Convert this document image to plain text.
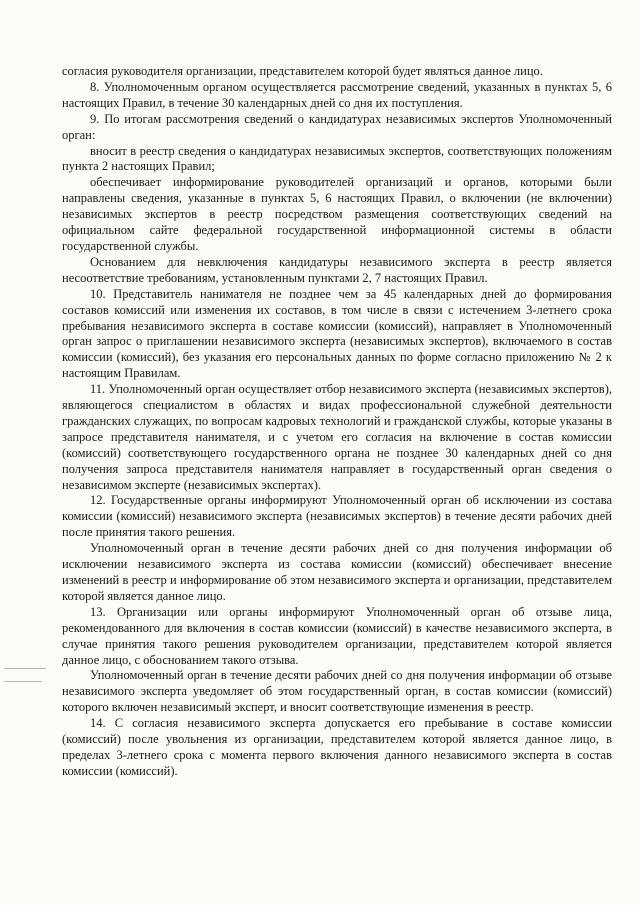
согласия руководителя организации, представителем которой будет являться данное лицо.

8. Уполномоченным органом осуществляется рассмотрение сведений, указанных в пунктах 5, 6 настоящих Правил, в течение 30 календарных дней со дня их поступления.

9. По итогам рассмотрения сведений о кандидатурах независимых экспертов Уполномоченный орган:

вносит в реестр сведения о кандидатурах независимых экспертов, соответствующих положениям пункта 2 настоящих Правил;

обеспечивает информирование руководителей организаций и органов, которыми были направлены сведения, указанные в пунктах 5, 6 настоящих Правил, о включении (не включении) независимых экспертов в реестр посредством размещения соответствующих сведений на официальном сайте федеральной государственной информационной системы в области государственной службы.

Основанием для невключения кандидатуры независимого эксперта в реестр является несоответствие требованиям, установленным пунктами 2, 7 настоящих Правил.

10. Представитель нанимателя не позднее чем за 45 календарных дней до формирования составов комиссий или изменения их составов, в том числе в связи с истечением 3-летнего срока пребывания независимого эксперта в составе комиссии (комиссий), направляет в Уполномоченный орган запрос о приглашении независимого эксперта (независимых экспертов), включаемого в состав комиссии (комиссий), без указания его персональных данных по форме согласно приложению № 2 к настоящим Правилам.

11. Уполномоченный орган осуществляет отбор независимого эксперта (независимых экспертов), являющегося специалистом в областях и видах профессиональной служебной деятельности гражданских служащих, по вопросам кадровых технологий и гражданской службы, которые указаны в запросе представителя нанимателя, и с учетом его согласия на включение в состав комиссии (комиссий) соответствующего государственного органа не позднее 30 календарных дней со дня получения запроса представителя нанимателя направляет в государственный орган сведения о независимом эксперте (независимых экспертах).

12. Государственные органы информируют Уполномоченный орган об исключении из состава комиссии (комиссий) независимого эксперта (независимых экспертов) в течение десяти рабочих дней после принятия такого решения.

Уполномоченный орган в течение десяти рабочих дней со дня получения информации об исключении независимого эксперта из состава комиссии (комиссий) обеспечивает внесение изменений в реестр и информирование об этом независимого эксперта и организации, представителем которой является данное лицо.

13. Организации или органы информируют Уполномоченный орган об отзыве лица, рекомендованного для включения в состав комиссии (комиссий) в качестве независимого эксперта, в случае принятия такого решения руководителем организации, представителем которой является данное лицо, с обоснованием такого отзыва.

Уполномоченный орган в течение десяти рабочих дней со дня получения информации об отзыве независимого эксперта уведомляет об этом государственный орган, в состав комиссии (комиссий) которого включен независимый эксперт, и вносит соответствующие изменения в реестр.

14. С согласия независимого эксперта допускается его пребывание в составе комиссии (комиссий) после увольнения из организации, представителем которой является данное лицо, в пределах 3-летнего срока с момента первого включения данного независимого эксперта в состав комиссии (комиссий).
